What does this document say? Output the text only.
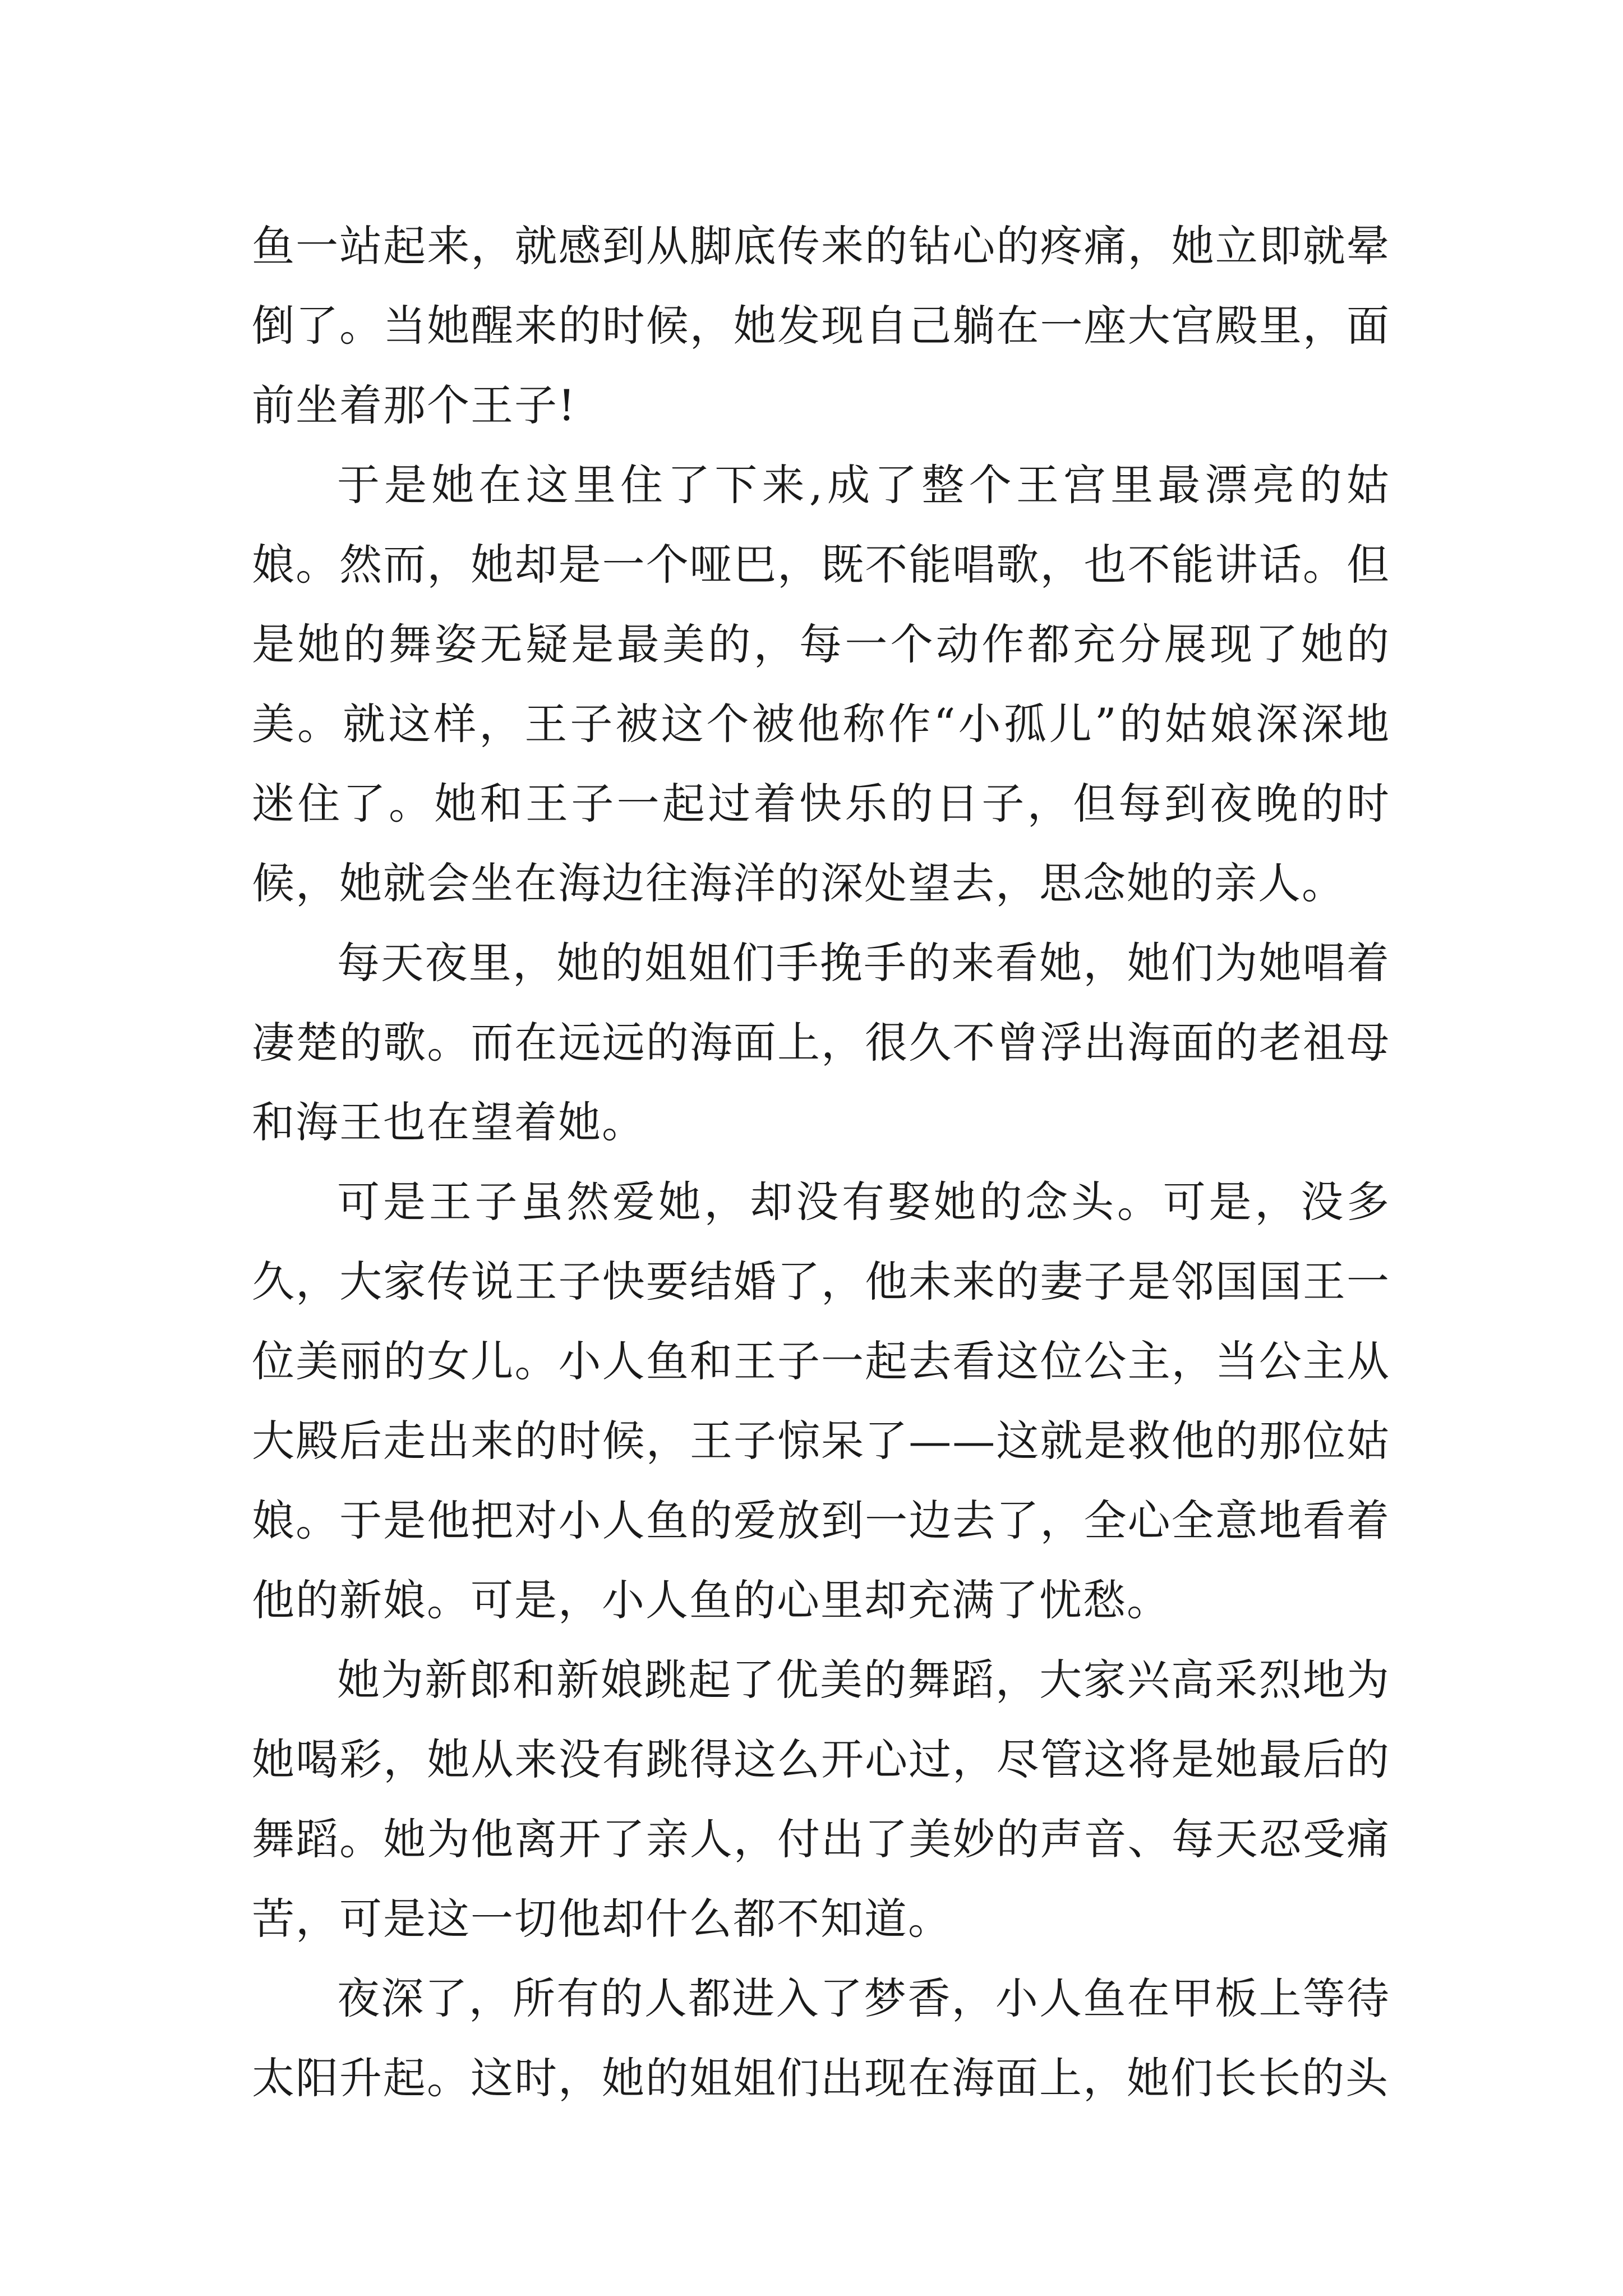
鱼一站起来，就感到从脚底传来的钻心的疼痛，她立即就晕倒了。当她醒来的时候，她发现自己躺在一座大宫殿里，面前坐着那个王子!

于是她在这里住了下来,成了整个王宫里最漂亮的姑娘。然而，她却是一个哑巴，既不能唱歌，也不能讲话。但是她的舞姿无疑是最美的，每一个动作都充分展现了她的美。就这样，王子被这个被他称作“小孤儿”的姑娘深深地迷住了。她和王子一起过着快乐的日子，但每到夜晚的时候，她就会坐在海边往海洋的深处望去，思念她的亲人。

每天夜里，她的姐姐们手挽手的来看她，她们为她唱着凄楚的歌。而在远远的海面上，很久不曾浮出海面的老祖母和海王也在望着她。

可是王子虽然爱她，却没有娶她的念头。可是，没多久，大家传说王子快要结婚了，他未来的妻子是邻国国王一位美丽的女儿。小人鱼和王子一起去看这位公主，当公主从大殿后走出来的时候，王子惊呆了——这就是救他的那位姑娘。于是他把对小人鱼的爱放到一边去了，全心全意地看着他的新娘。可是，小人鱼的心里却充满了忧愁。

她为新郎和新娘跳起了优美的舞蹈，大家兴高采烈地为她喝彩，她从来没有跳得这么开心过，尽管这将是她最后的舞蹈。她为他离开了亲人，付出了美妙的声音、每天忍受痛苦，可是这一切他却什么都不知道。

夜深了，所有的人都进入了梦香，小人鱼在甲板上等待太阳升起。这时，她的姐姐们出现在海面上，她们长长的头
